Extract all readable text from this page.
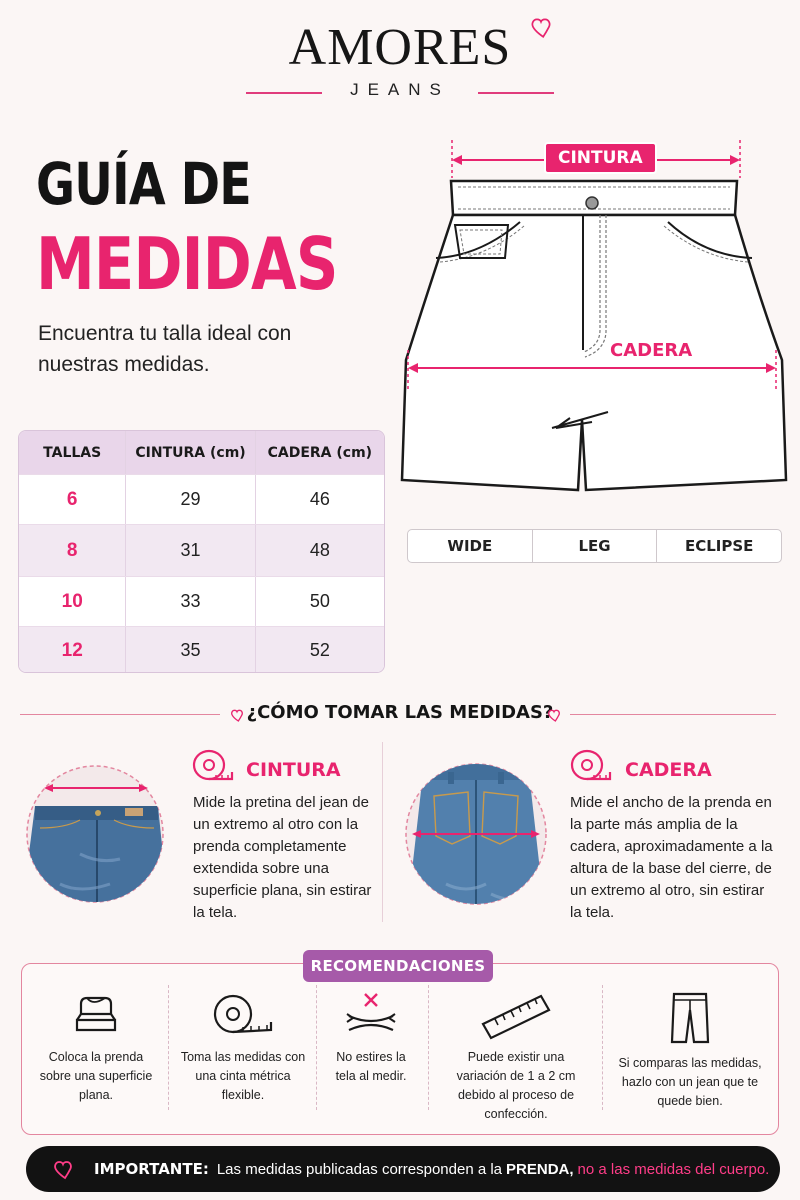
AMORES
JEANS
GUÍA DE
MEDIDAS
Encuentra tu talla ideal con nuestras medidas.
TALLAS	CINTURA (cm)	CADERA (cm)
6	29	46
8	31	48
10	33	50
12	35	52
CINTURA
CADERA
WIDE	LEG	ECLIPSE
¿CÓMO TOMAR LAS MEDIDAS?
CINTURA
Mide la pretina del jean de un extremo al otro con la prenda completamente extendida sobre una superficie plana, sin estirar la tela.
CADERA
Mide el ancho de la prenda en la parte más amplia de la cadera, aproximadamente a la altura de la base del cierre, de un extremo al otro, sin estirar la tela.
RECOMENDACIONES
Coloca la prenda sobre una superficie plana.
Toma las medidas con una cinta métrica flexible.
No estires la tela al medir.
Puede existir una variación de 1 a 2 cm debido al proceso de confección.
Si comparas las medidas, hazlo con un jean que te quede bien.
IMPORTANTE: Las medidas publicadas corresponden a la PRENDA, no a las medidas del cuerpo.
